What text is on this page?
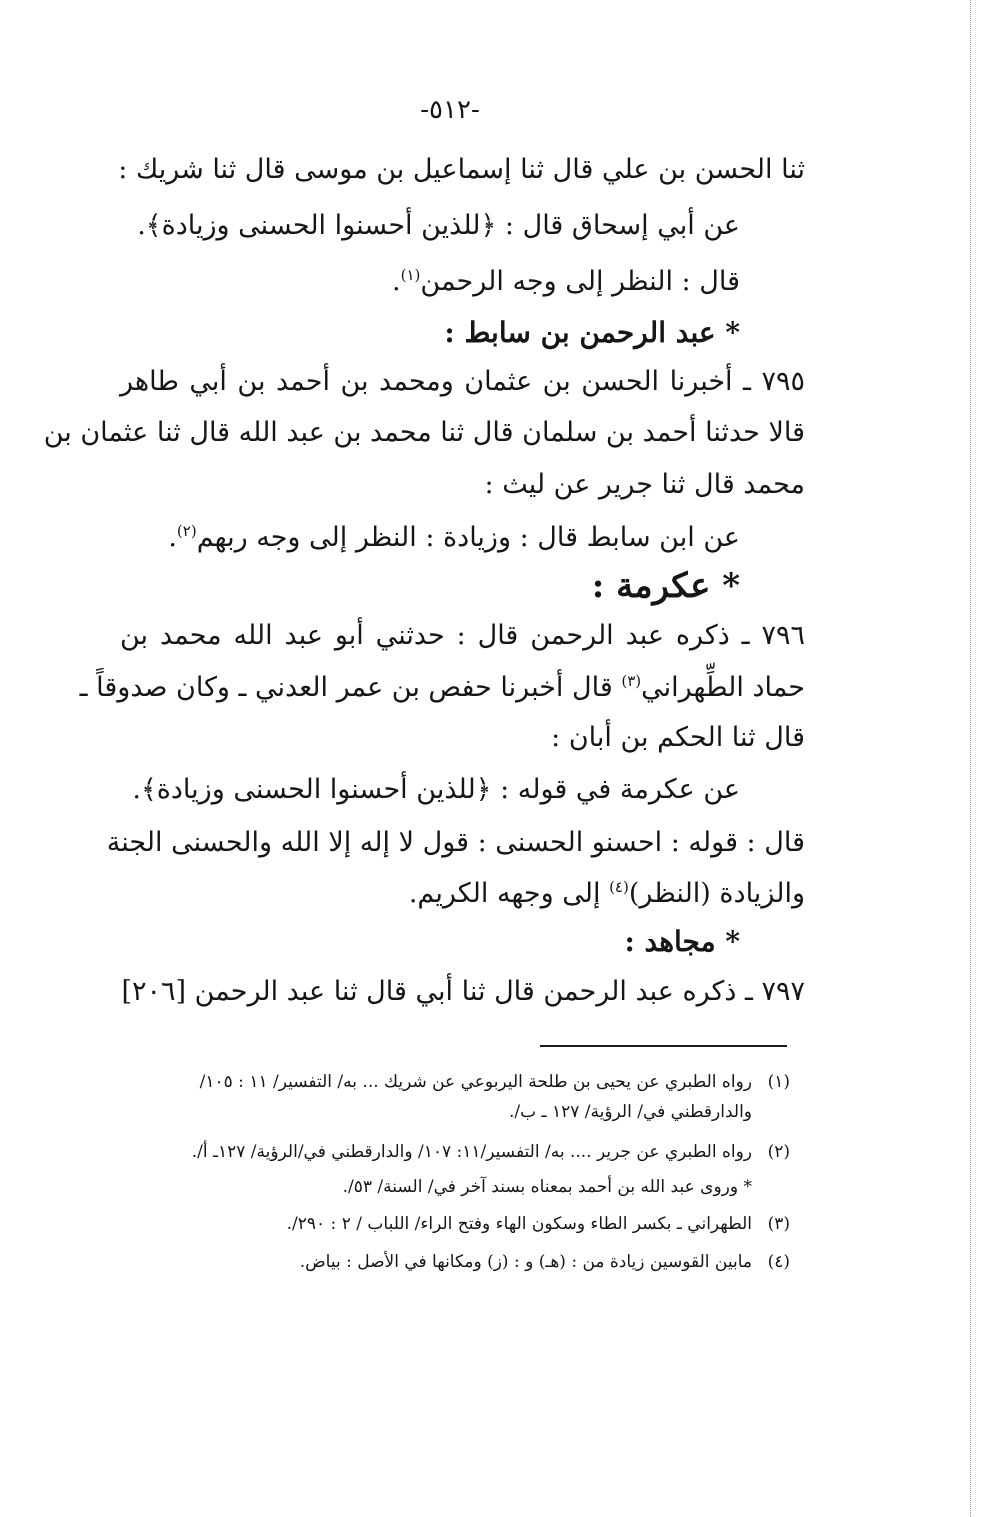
-٥١٢-
ثنا الحسن بن علي قال ثنا إسماعيل بن موسى قال ثنا شريك :
عن أبي إسحاق قال : ﴿للذين أحسنوا الحسنى وزيادة﴾.
قال : النظر إلى وجه الرحمن$^{(١)}$.
* عبد الرحمن بن سابط :
٧٩٥ ـ أخبرنا الحسن بن عثمان ومحمد بن أحمد بن أبي طاهر
قالا حدثنا أحمد بن سلمان قال ثنا محمد بن عبد الله قال ثنا عثمان بن
محمد قال ثنا جرير عن ليث :
عن ابن سابط قال : وزيادة : النظر إلى وجه ربهم$^{(٢)}$.
* عكرمة :
٧٩٦ ـ ذكره عبد الرحمن قال : حدثني أبو عبد الله محمد بن
حماد الطِّهراني$^{(٣)}$ قال أخبرنا حفص بن عمر العدني ـ وكان صدوقاً ـ
قال ثنا الحكم بن أبان :
عن عكرمة في قوله : ﴿للذين أحسنوا الحسنى وزيادة﴾.
قال : قوله : احسنو الحسنى : قول لا إله إلا الله والحسنى الجنة
والزيادة (النظر)$^{(٤)}$ إلى وجهه الكريم.
* مجاهد :
٧٩٧ ـ ذكره عبد الرحمن قال ثنا أبي قال ثنا عبد الرحمن [٢٠٦]
(١)رواه الطبري عن يحيى بن طلحة اليربوعي عن شريك ... به/ التفسير/ ١١ : ١٠٥/
والدارقطني في/ الرؤية/ ١٢٧ ـ ب/.
(٢)رواه الطبري عن جرير .... به/ التفسير/١١: ١٠٧/ والدارقطني في/الرؤية/ ١٢٧ـ أ/.
* وروى عبد الله بن أحمد بمعناه بسند آخر في/ السنة/ ٥٣/.
(٣)الطهراني ـ بكسر الطاء وسكون الهاء وفتح الراء/ اللباب / ٢ : ٢٩٠/.
(٤)مابين القوسين زيادة من : (هـ) و : (ز) ومكانها في الأصل : بياض.
